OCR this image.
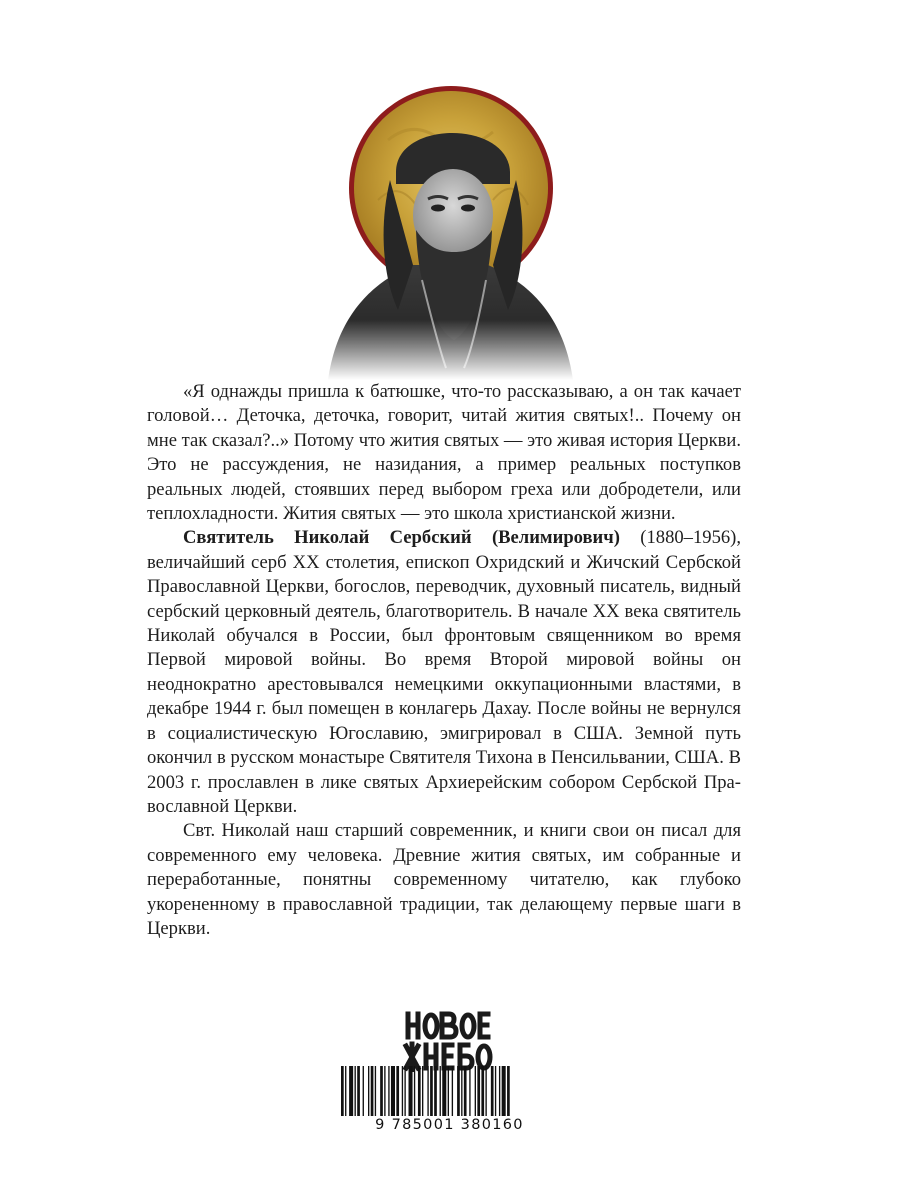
«Я однажды пришла к батюшке, что-то рассказываю, а он так качает головой… Деточка, деточка, говорит, читай жития святых!.. Почему он мне так сказал?..» Потому что жития святых — это живая история Церкви. Это не рассуждения, не назидания, а пример реальных поступков реальных людей, стоявших перед выбором греха или добродетели, или теплохладности. Жития святых — это школа христианской жизни.

Святитель Николай Сербский (Велимирович) (1880–1956), величайший серб XX столетия, епископ Охридский и Жичский Сербской Православной Церкви, богослов, переводчик, духовный писатель, видный сербский церковный деятель, благотворитель. В начале XX века святитель Николай обучался в России, был фронтовым священником во время Первой мировой войны. Во время Второй мировой войны он неоднократно арестовывался немецкими оккупационными властями, в декабре 1944 г. был помещен в конлагерь Дахау. После войны не вернулся в социалистическую Югославию, эмигрировал в США. Земной путь окончил в русском монастыре Святителя Тихона в Пенсильвании, США. В 2003 г. прославлен в лике святых Архиерейским собором Сербской Православной Церкви.

Свт. Николай наш старший современник, и книги свои он писал для современного ему человека. Древние жития святых, им собранные и переработанные, понятны современному читателю, как глубоко укорененному в православной традиции, так делающему первые шаги в Церкви.

9 785001 380160
